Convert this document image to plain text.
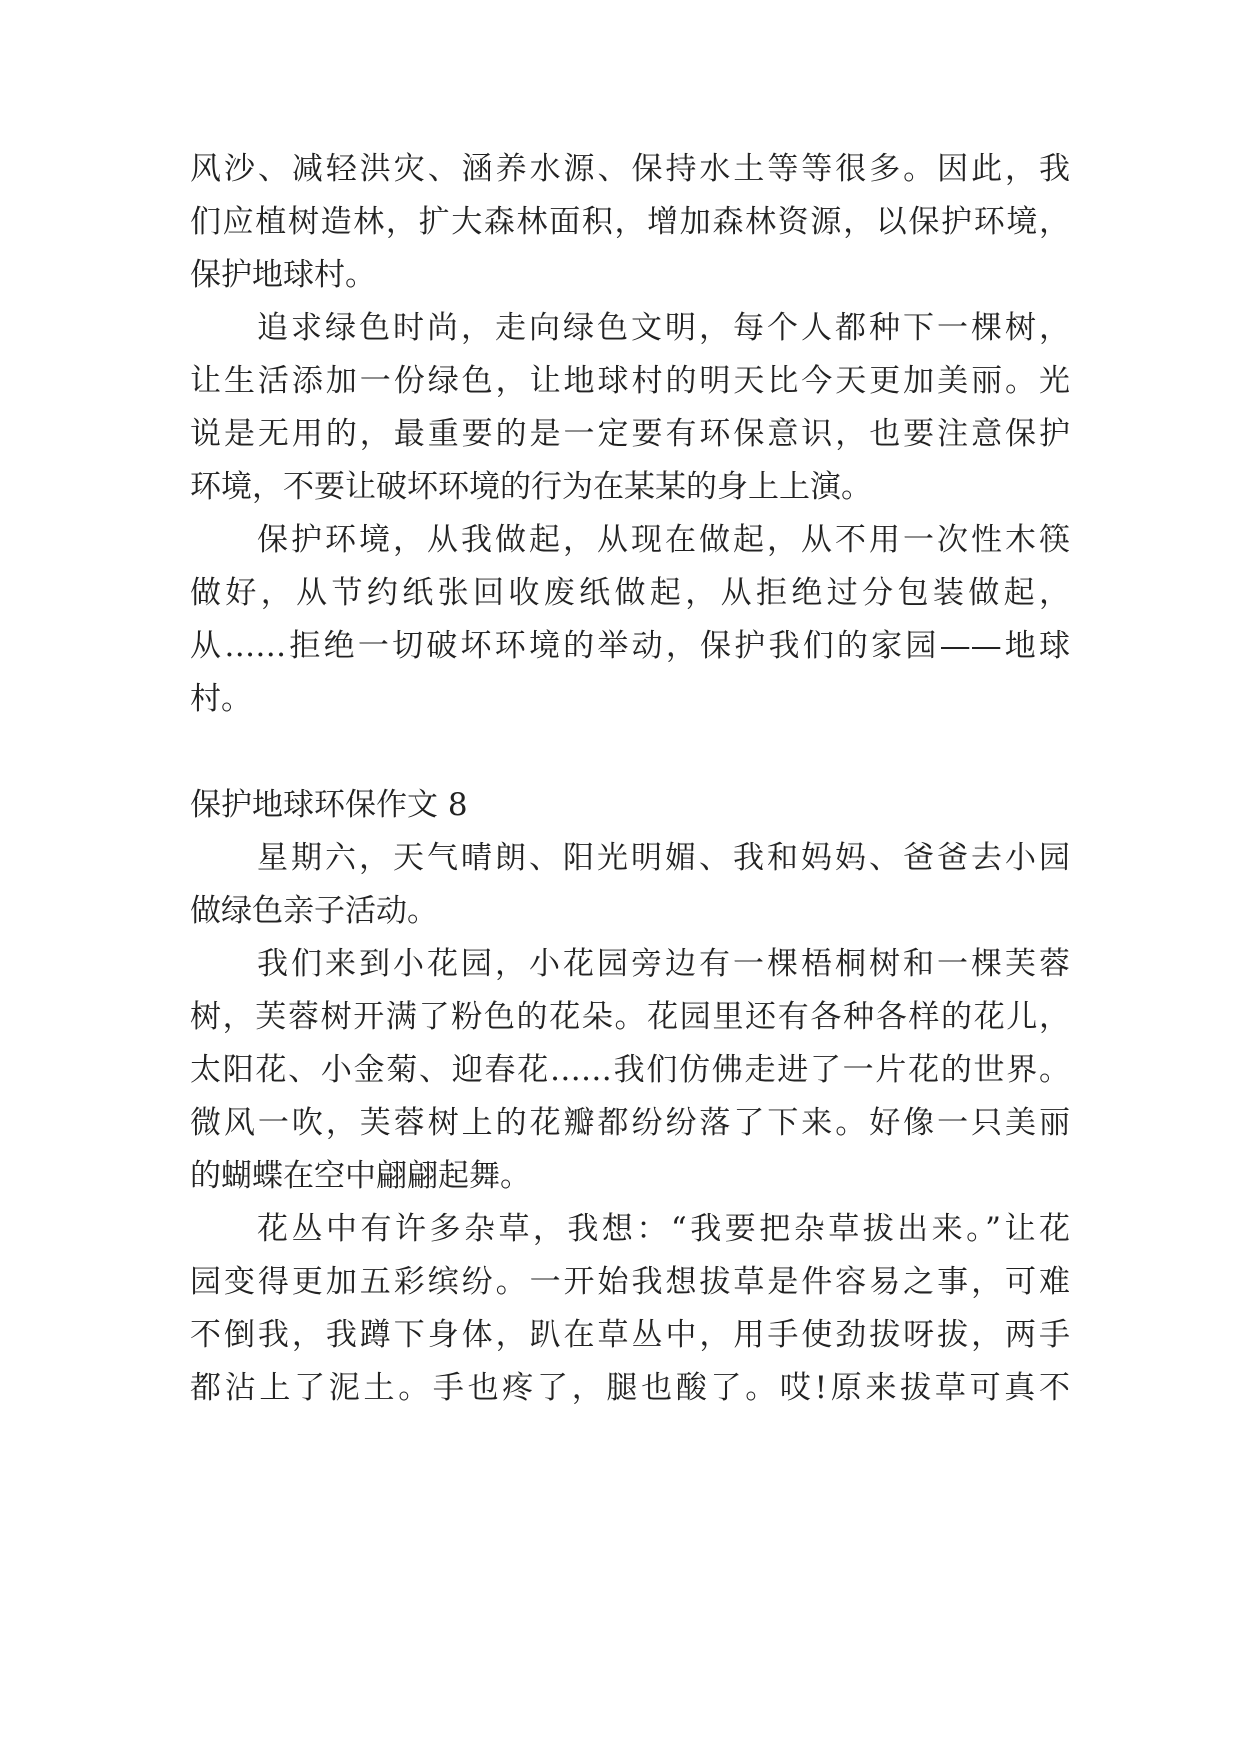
风沙、减轻洪灾、涵养水源、保持水土等等很多。因此，我
们应植树造林，扩大森林面积，增加森林资源，以保护环境，
保护地球村。
追求绿色时尚，走向绿色文明，每个人都种下一棵树，
让生活添加一份绿色，让地球村的明天比今天更加美丽。光
说是无用的，最重要的是一定要有环保意识，也要注意保护
环境，不要让破坏环境的行为在某某的身上上演。
保护环境，从我做起，从现在做起，从不用一次性木筷
做好，从节约纸张回收废纸做起，从拒绝过分包装做起，
从……拒绝一切破坏环境的举动，保护我们的家园——地球
村。
保护地球环保作文 8
星期六，天气晴朗、阳光明媚、我和妈妈、爸爸去小园
做绿色亲子活动。
我们来到小花园，小花园旁边有一棵梧桐树和一棵芙蓉
树，芙蓉树开满了粉色的花朵。花园里还有各种各样的花儿，
太阳花、小金菊、迎春花……我们仿佛走进了一片花的世界。
微风一吹，芙蓉树上的花瓣都纷纷落了下来。好像一只美丽
的蝴蝶在空中翩翩起舞。
花丛中有许多杂草，我想：“我要把杂草拔出来。”让花
园变得更加五彩缤纷。一开始我想拔草是件容易之事，可难
不倒我，我蹲下身体，趴在草丛中，用手使劲拔呀拔，两手
都沾上了泥土。手也疼了，腿也酸了。哎!原来拔草可真不
